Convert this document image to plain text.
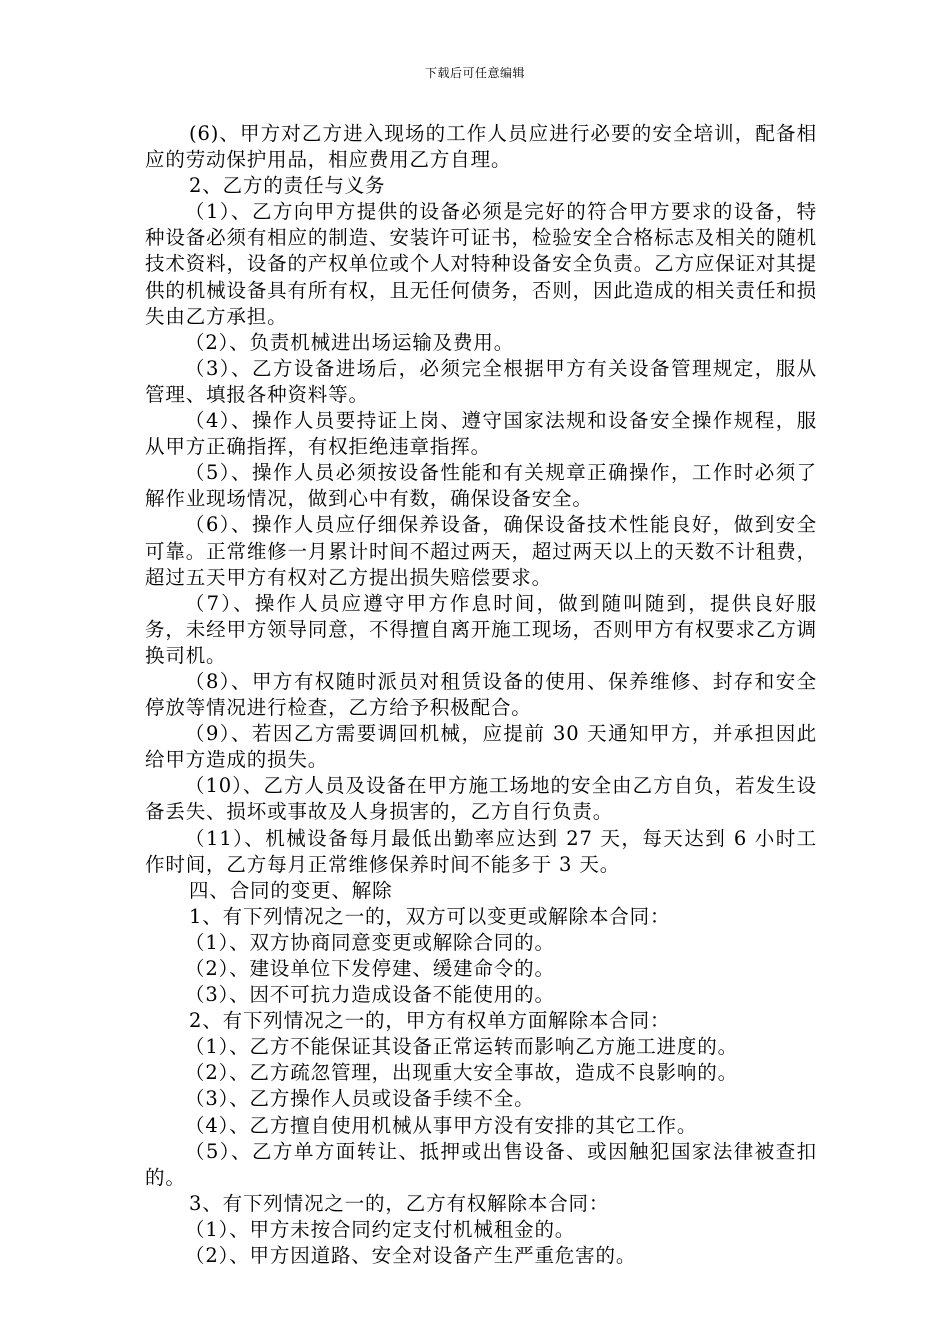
下载后可任意编辑

(6)、甲方对乙方进入现场的工作人员应进行必要的安全培训，配备相应的劳动保护用品，相应费用乙方自理。

2、乙方的责任与义务

（1）、乙方向甲方提供的设备必须是完好的符合甲方要求的设备，特种设备必须有相应的制造、安装许可证书，检验安全合格标志及相关的随机技术资料，设备的产权单位或个人对特种设备安全负责。乙方应保证对其提供的机械设备具有所有权，且无任何债务，否则，因此造成的相关责任和损失由乙方承担。

（2）、负责机械进出场运输及费用。

（3）、乙方设备进场后，必须完全根据甲方有关设备管理规定，服从管理、填报各种资料等。

（4）、操作人员要持证上岗、遵守国家法规和设备安全操作规程，服从甲方正确指挥，有权拒绝违章指挥。

（5）、操作人员必须按设备性能和有关规章正确操作，工作时必须了解作业现场情况，做到心中有数，确保设备安全。

（6）、操作人员应仔细保养设备，确保设备技术性能良好，做到安全可靠。正常维修一月累计时间不超过两天，超过两天以上的天数不计租费，超过五天甲方有权对乙方提出损失赔偿要求。

（7）、操作人员应遵守甲方作息时间，做到随叫随到，提供良好服务，未经甲方领导同意，不得擅自离开施工现场，否则甲方有权要求乙方调换司机。

（8）、甲方有权随时派员对租赁设备的使用、保养维修、封存和安全停放等情况进行检查，乙方给予积极配合。

（9）、若因乙方需要调回机械，应提前 30 天通知甲方，并承担因此给甲方造成的损失。

（10）、乙方人员及设备在甲方施工场地的安全由乙方自负，若发生设备丢失、损坏或事故及人身损害的，乙方自行负责。

（11）、机械设备每月最低出勤率应达到 27 天，每天达到 6 小时工作时间，乙方每月正常维修保养时间不能多于 3 天。

四、合同的变更、解除

1、有下列情况之一的，双方可以变更或解除本合同：

（1）、双方协商同意变更或解除合同的。

（2）、建设单位下发停建、缓建命令的。

（3）、因不可抗力造成设备不能使用的。

2、有下列情况之一的，甲方有权单方面解除本合同：

（1）、乙方不能保证其设备正常运转而影响乙方施工进度的。

（2）、乙方疏忽管理，出现重大安全事故，造成不良影响的。

（3）、乙方操作人员或设备手续不全。

（4）、乙方擅自使用机械从事甲方没有安排的其它工作。

（5）、乙方单方面转让、抵押或出售设备、或因触犯国家法律被查扣的。

3、有下列情况之一的，乙方有权解除本合同：

（1）、甲方未按合同约定支付机械租金的。

（2）、甲方因道路、安全对设备产生严重危害的。
